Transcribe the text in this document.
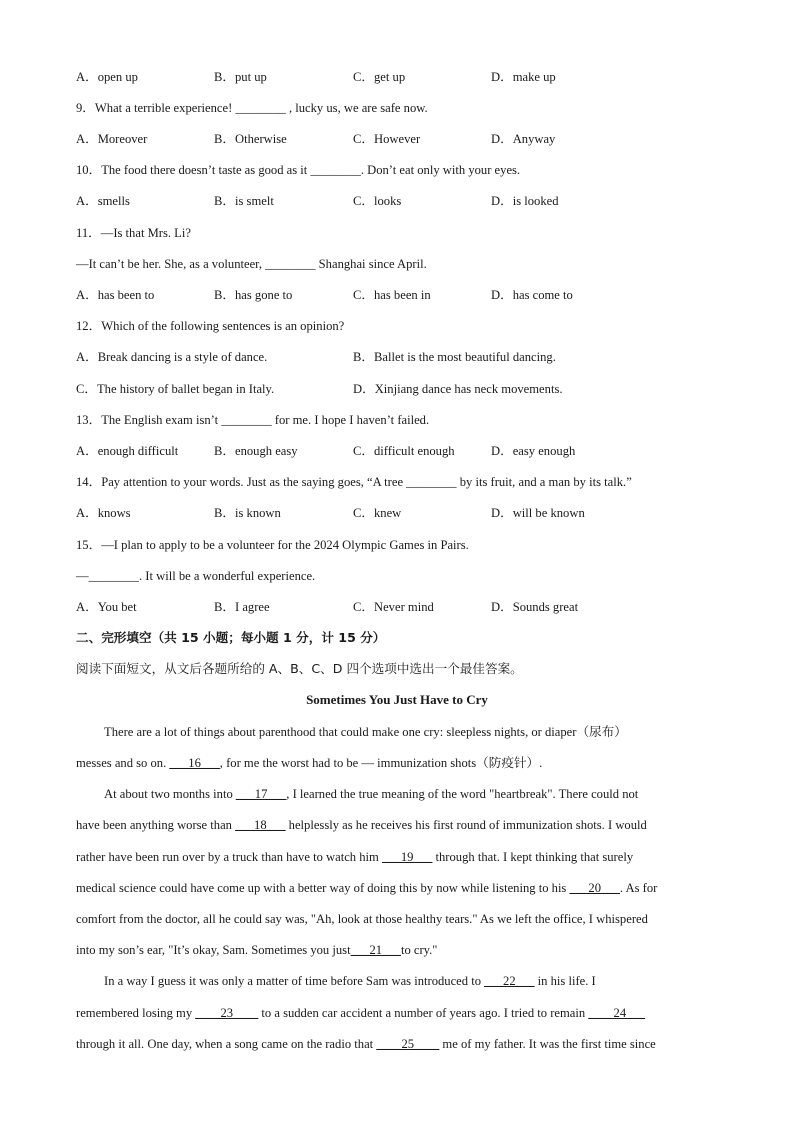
A．open up	B．put up	C．get up	D．make up
9．What a terrible experience! ________ , lucky us, we are safe now.
A．Moreover	B．Otherwise	C．However	D．Anyway
10．The food there doesn’t taste as good as it ________. Don’t eat only with your eyes.
A．smells	B．is smelt	C．looks	D．is looked
11．—Is that Mrs. Li?
—It can’t be her. She, as a volunteer, ________ Shanghai since April.
A．has been to	B．has gone to	C．has been in	D．has come to
12．Which of the following sentences is an opinion?
A．Break dancing is a style of dance.	B．Ballet is the most beautiful dancing.
C．The history of ballet began in Italy.	D．Xinjiang dance has neck movements.
13．The English exam isn’t ________ for me. I hope I haven’t failed.
A．enough difficult	B．enough easy	C．difficult enough	D．easy enough
14．Pay attention to your words. Just as the saying goes, “A tree ________ by its fruit, and a man by its talk.”
A．knows	B．is known	C．knew	D．will be known
15．—I plan to apply to be a volunteer for the 2024 Olympic Games in Pairs.
—________. It will be a wonderful experience.
A．You bet	B．I agree	C．Never mind	D．Sounds great
二、完形填空（共 15 小题；每小题 1 分，计 15 分）
阅读下面短文，从文后各题所给的 A、B、C、D 四个选项中选出一个最佳答案。
Sometimes You Just Have to Cry
There are a lot of things about parenthood that could make one cry: sleepless nights, or diaper（尿布）
messes and so on. ___16___, for me the worst had to be — immunization shots（防疫针）.
At about two months into ___17___, I learned the true meaning of the word "heartbreak". There could not
have been anything worse than ___18___ helplessly as he receives his first round of immunization shots. I would
rather have been run over by a truck than have to watch him ___19___ through that. I kept thinking that surely
medical science could have come up with a better way of doing this by now while listening to his ___20___. As for
comfort from the doctor, all he could say was, "Ah, look at those healthy tears." As we left the office, I whispered
into my son’s ear, "It’s okay, Sam. Sometimes you just___21___to cry."
In a way I guess it was only a matter of time before Sam was introduced to ___22___ in his life. I
remembered losing my ____23____ to a sudden car accident a number of years ago. I tried to remain ____24___
through it all. One day, when a song came on the radio that ____25____ me of my father. It was the first time since
